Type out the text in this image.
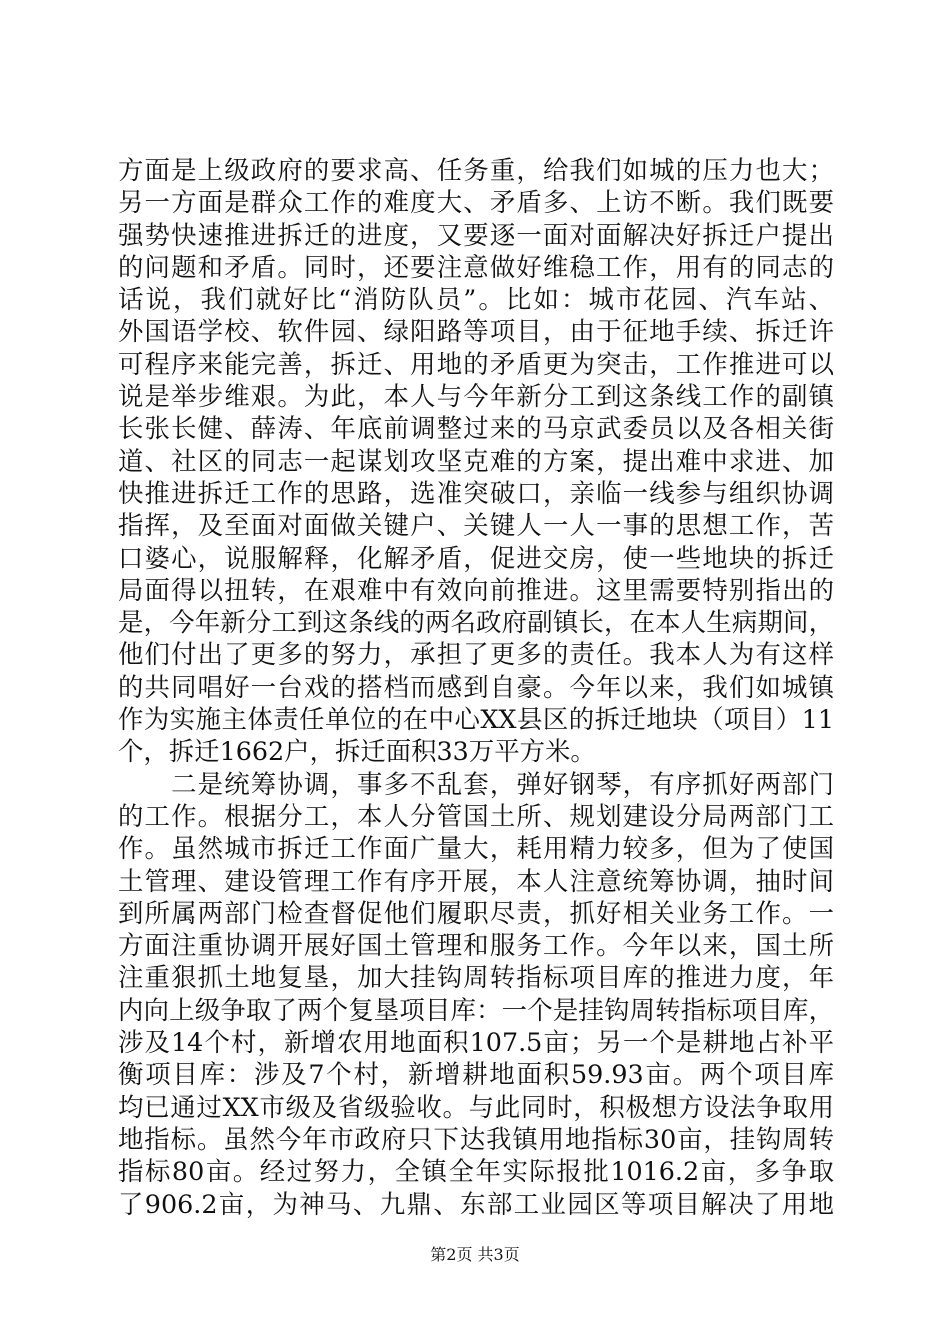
方面是上级政府的要求高、任务重，给我们如城的压力也大；
另一方面是群众工作的难度大、矛盾多、上访不断。我们既要
强势快速推进拆迁的进度，又要逐一面对面解决好拆迁户提出
的问题和矛盾。同时，还要注意做好维稳工作，用有的同志的
话说，我们就好比“消防队员”。比如：城市花园、汽车站、
外国语学校、软件园、绿阳路等项目，由于征地手续、拆迁许
可程序来能完善，拆迁、用地的矛盾更为突击，工作推进可以
说是举步维艰。为此，本人与今年新分工到这条线工作的副镇
长张长健、薛涛、年底前调整过来的马京武委员以及各相关街
道、社区的同志一起谋划攻坚克难的方案，提出难中求进、加
快推进拆迁工作的思路，选准突破口，亲临一线参与组织协调
指挥，及至面对面做关键户、关键人一人一事的思想工作，苦
口婆心，说服解释，化解矛盾，促进交房，使一些地块的拆迁
局面得以扭转，在艰难中有效向前推进。这里需要特别指出的
是，今年新分工到这条线的两名政府副镇长，在本人生病期间，
他们付出了更多的努力，承担了更多的责任。我本人为有这样
的共同唱好一台戏的搭档而感到自豪。今年以来，我们如城镇
作为实施主体责任单位的在中心XX县区的拆迁地块（项目）11
个，拆迁1662户，拆迁面积33万平方米。
　　二是统筹协调，事多不乱套，弹好钢琴，有序抓好两部门
的工作。根据分工，本人分管国土所、规划建设分局两部门工
作。虽然城市拆迁工作面广量大，耗用精力较多，但为了使国
土管理、建设管理工作有序开展，本人注意统筹协调，抽时间
到所属两部门检查督促他们履职尽责，抓好相关业务工作。一
方面注重协调开展好国土管理和服务工作。今年以来，国土所
注重狠抓土地复垦，加大挂钩周转指标项目库的推进力度，年
内向上级争取了两个复垦项目库：一个是挂钩周转指标项目库，
涉及14个村，新增农用地面积107.5亩；另一个是耕地占补平
衡项目库：涉及7个村，新增耕地面积59.93亩。两个项目库
均已通过XX市级及省级验收。与此同时，积极想方设法争取用
地指标。虽然今年市政府只下达我镇用地指标30亩，挂钩周转
指标80亩。经过努力，全镇全年实际报批1016.2亩，多争取
了906.2亩，为神马、九鼎、东部工业园区等项目解决了用地
第2页 共3页
